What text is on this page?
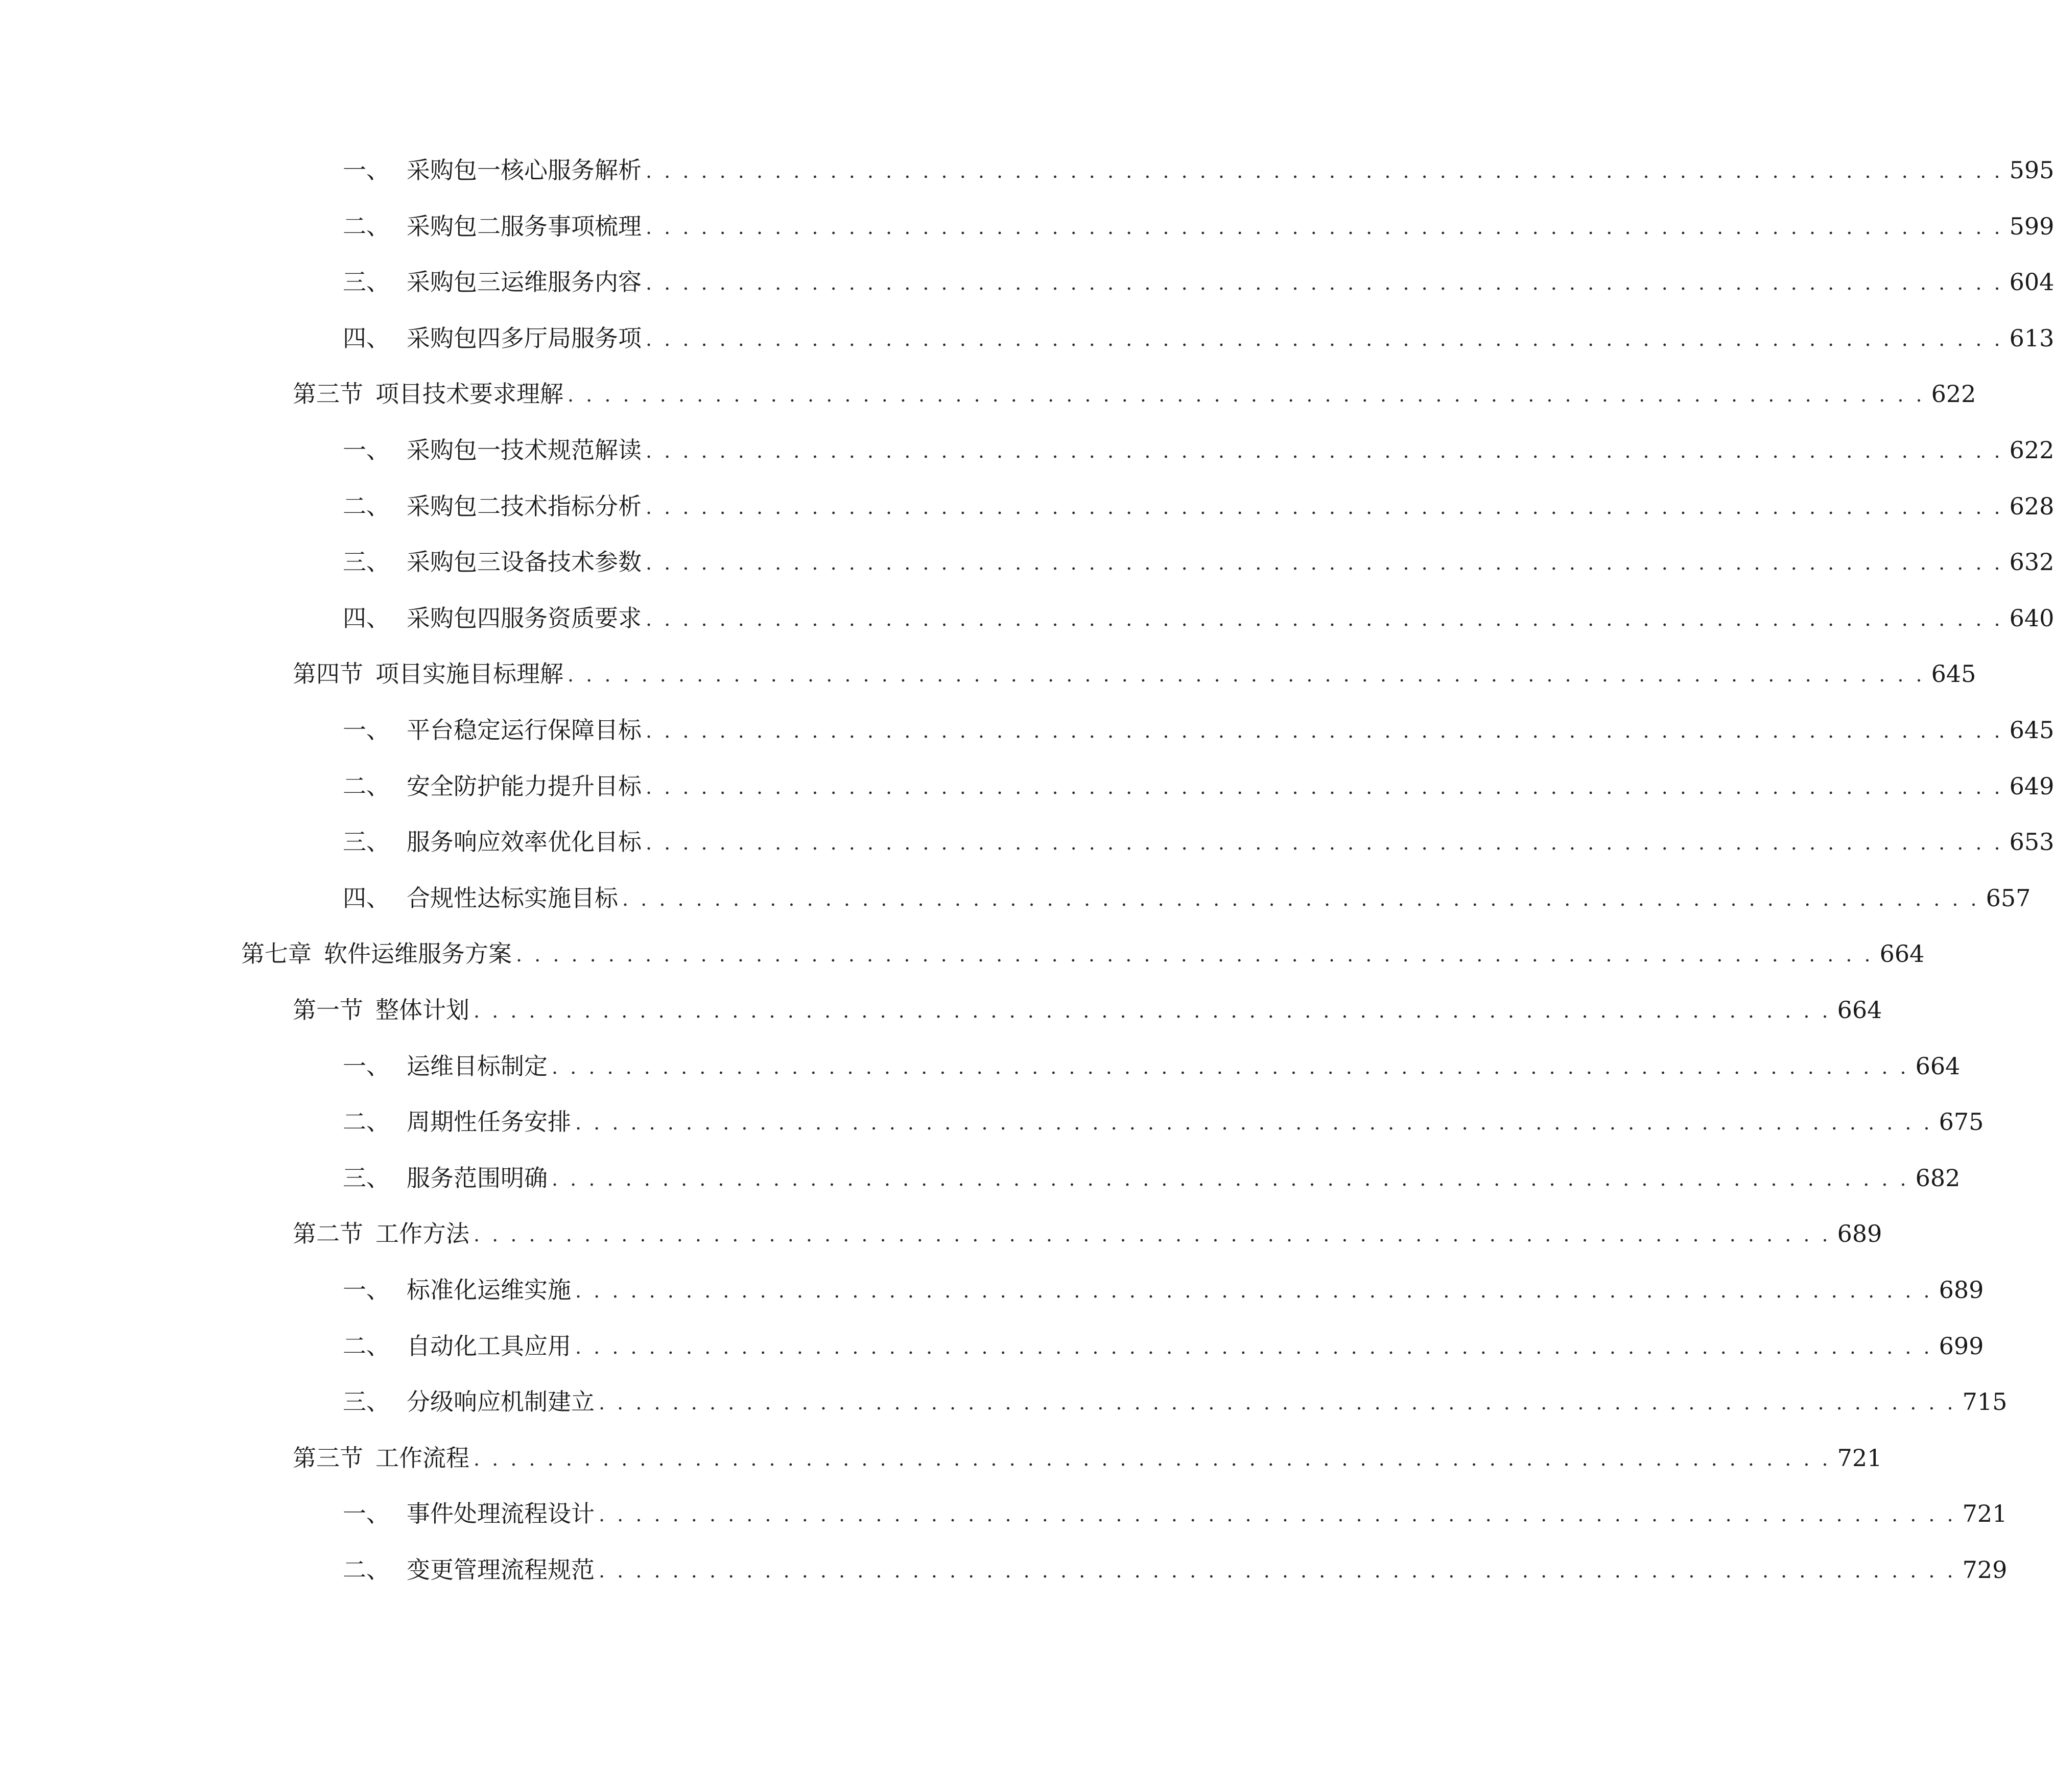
一、 采购包一核心服务解析 . . . . . . . . . . . . . . . . . . . . . . . . . . . . . . . . . . . . . . . . . . . . . . . . . . . . . . . . . . . . . . . . . . . . . . . . . . 595
二、 采购包二服务事项梳理 . . . . . . . . . . . . . . . . . . . . . . . . . . . . . . . . . . . . . . . . . . . . . . . . . . . . . . . . . . . . . . . . . . . . . . . . . . 599
三、 采购包三运维服务内容 . . . . . . . . . . . . . . . . . . . . . . . . . . . . . . . . . . . . . . . . . . . . . . . . . . . . . . . . . . . . . . . . . . . . . . . . . . 604
四、 采购包四多厅局服务项 . . . . . . . . . . . . . . . . . . . . . . . . . . . . . . . . . . . . . . . . . . . . . . . . . . . . . . . . . . . . . . . . . . . . . . . . . . 613
第三节 项目技术要求理解 . . . . . . . . . . . . . . . . . . . . . . . . . . . . . . . . . . . . . . . . . . . . . . . . . . . . . . . . . . . . . . . . . . . . . . . . . . 622
一、 采购包一技术规范解读 . . . . . . . . . . . . . . . . . . . . . . . . . . . . . . . . . . . . . . . . . . . . . . . . . . . . . . . . . . . . . . . . . . . . . . . . . . 622
二、 采购包二技术指标分析 . . . . . . . . . . . . . . . . . . . . . . . . . . . . . . . . . . . . . . . . . . . . . . . . . . . . . . . . . . . . . . . . . . . . . . . . . . 628
三、 采购包三设备技术参数 . . . . . . . . . . . . . . . . . . . . . . . . . . . . . . . . . . . . . . . . . . . . . . . . . . . . . . . . . . . . . . . . . . . . . . . . . . 632
四、 采购包四服务资质要求 . . . . . . . . . . . . . . . . . . . . . . . . . . . . . . . . . . . . . . . . . . . . . . . . . . . . . . . . . . . . . . . . . . . . . . . . . . 640
第四节 项目实施目标理解 . . . . . . . . . . . . . . . . . . . . . . . . . . . . . . . . . . . . . . . . . . . . . . . . . . . . . . . . . . . . . . . . . . . . . . . . . . 645
一、 平台稳定运行保障目标 . . . . . . . . . . . . . . . . . . . . . . . . . . . . . . . . . . . . . . . . . . . . . . . . . . . . . . . . . . . . . . . . . . . . . . . . . . 645
二、 安全防护能力提升目标 . . . . . . . . . . . . . . . . . . . . . . . . . . . . . . . . . . . . . . . . . . . . . . . . . . . . . . . . . . . . . . . . . . . . . . . . . . 649
三、 服务响应效率优化目标 . . . . . . . . . . . . . . . . . . . . . . . . . . . . . . . . . . . . . . . . . . . . . . . . . . . . . . . . . . . . . . . . . . . . . . . . . . 653
四、 合规性达标实施目标 . . . . . . . . . . . . . . . . . . . . . . . . . . . . . . . . . . . . . . . . . . . . . . . . . . . . . . . . . . . . . . . . . . . . . . . . . . 657
第七章 软件运维服务方案 . . . . . . . . . . . . . . . . . . . . . . . . . . . . . . . . . . . . . . . . . . . . . . . . . . . . . . . . . . . . . . . . . . . . . . . . . . 664
第一节 整体计划 . . . . . . . . . . . . . . . . . . . . . . . . . . . . . . . . . . . . . . . . . . . . . . . . . . . . . . . . . . . . . . . . . . . . . . . . . . 664
一、 运维目标制定 . . . . . . . . . . . . . . . . . . . . . . . . . . . . . . . . . . . . . . . . . . . . . . . . . . . . . . . . . . . . . . . . . . . . . . . . . . 664
二、 周期性任务安排 . . . . . . . . . . . . . . . . . . . . . . . . . . . . . . . . . . . . . . . . . . . . . . . . . . . . . . . . . . . . . . . . . . . . . . . . . . 675
三、 服务范围明确 . . . . . . . . . . . . . . . . . . . . . . . . . . . . . . . . . . . . . . . . . . . . . . . . . . . . . . . . . . . . . . . . . . . . . . . . . . 682
第二节 工作方法 . . . . . . . . . . . . . . . . . . . . . . . . . . . . . . . . . . . . . . . . . . . . . . . . . . . . . . . . . . . . . . . . . . . . . . . . . . 689
一、 标准化运维实施 . . . . . . . . . . . . . . . . . . . . . . . . . . . . . . . . . . . . . . . . . . . . . . . . . . . . . . . . . . . . . . . . . . . . . . . . . . 689
二、 自动化工具应用 . . . . . . . . . . . . . . . . . . . . . . . . . . . . . . . . . . . . . . . . . . . . . . . . . . . . . . . . . . . . . . . . . . . . . . . . . . 699
三、 分级响应机制建立 . . . . . . . . . . . . . . . . . . . . . . . . . . . . . . . . . . . . . . . . . . . . . . . . . . . . . . . . . . . . . . . . . . . . . . . . . . 715
第三节 工作流程 . . . . . . . . . . . . . . . . . . . . . . . . . . . . . . . . . . . . . . . . . . . . . . . . . . . . . . . . . . . . . . . . . . . . . . . . . . 721
一、 事件处理流程设计 . . . . . . . . . . . . . . . . . . . . . . . . . . . . . . . . . . . . . . . . . . . . . . . . . . . . . . . . . . . . . . . . . . . . . . . . . . 721
二、 变更管理流程规范 . . . . . . . . . . . . . . . . . . . . . . . . . . . . . . . . . . . . . . . . . . . . . . . . . . . . . . . . . . . . . . . . . . . . . . . . . . 729
